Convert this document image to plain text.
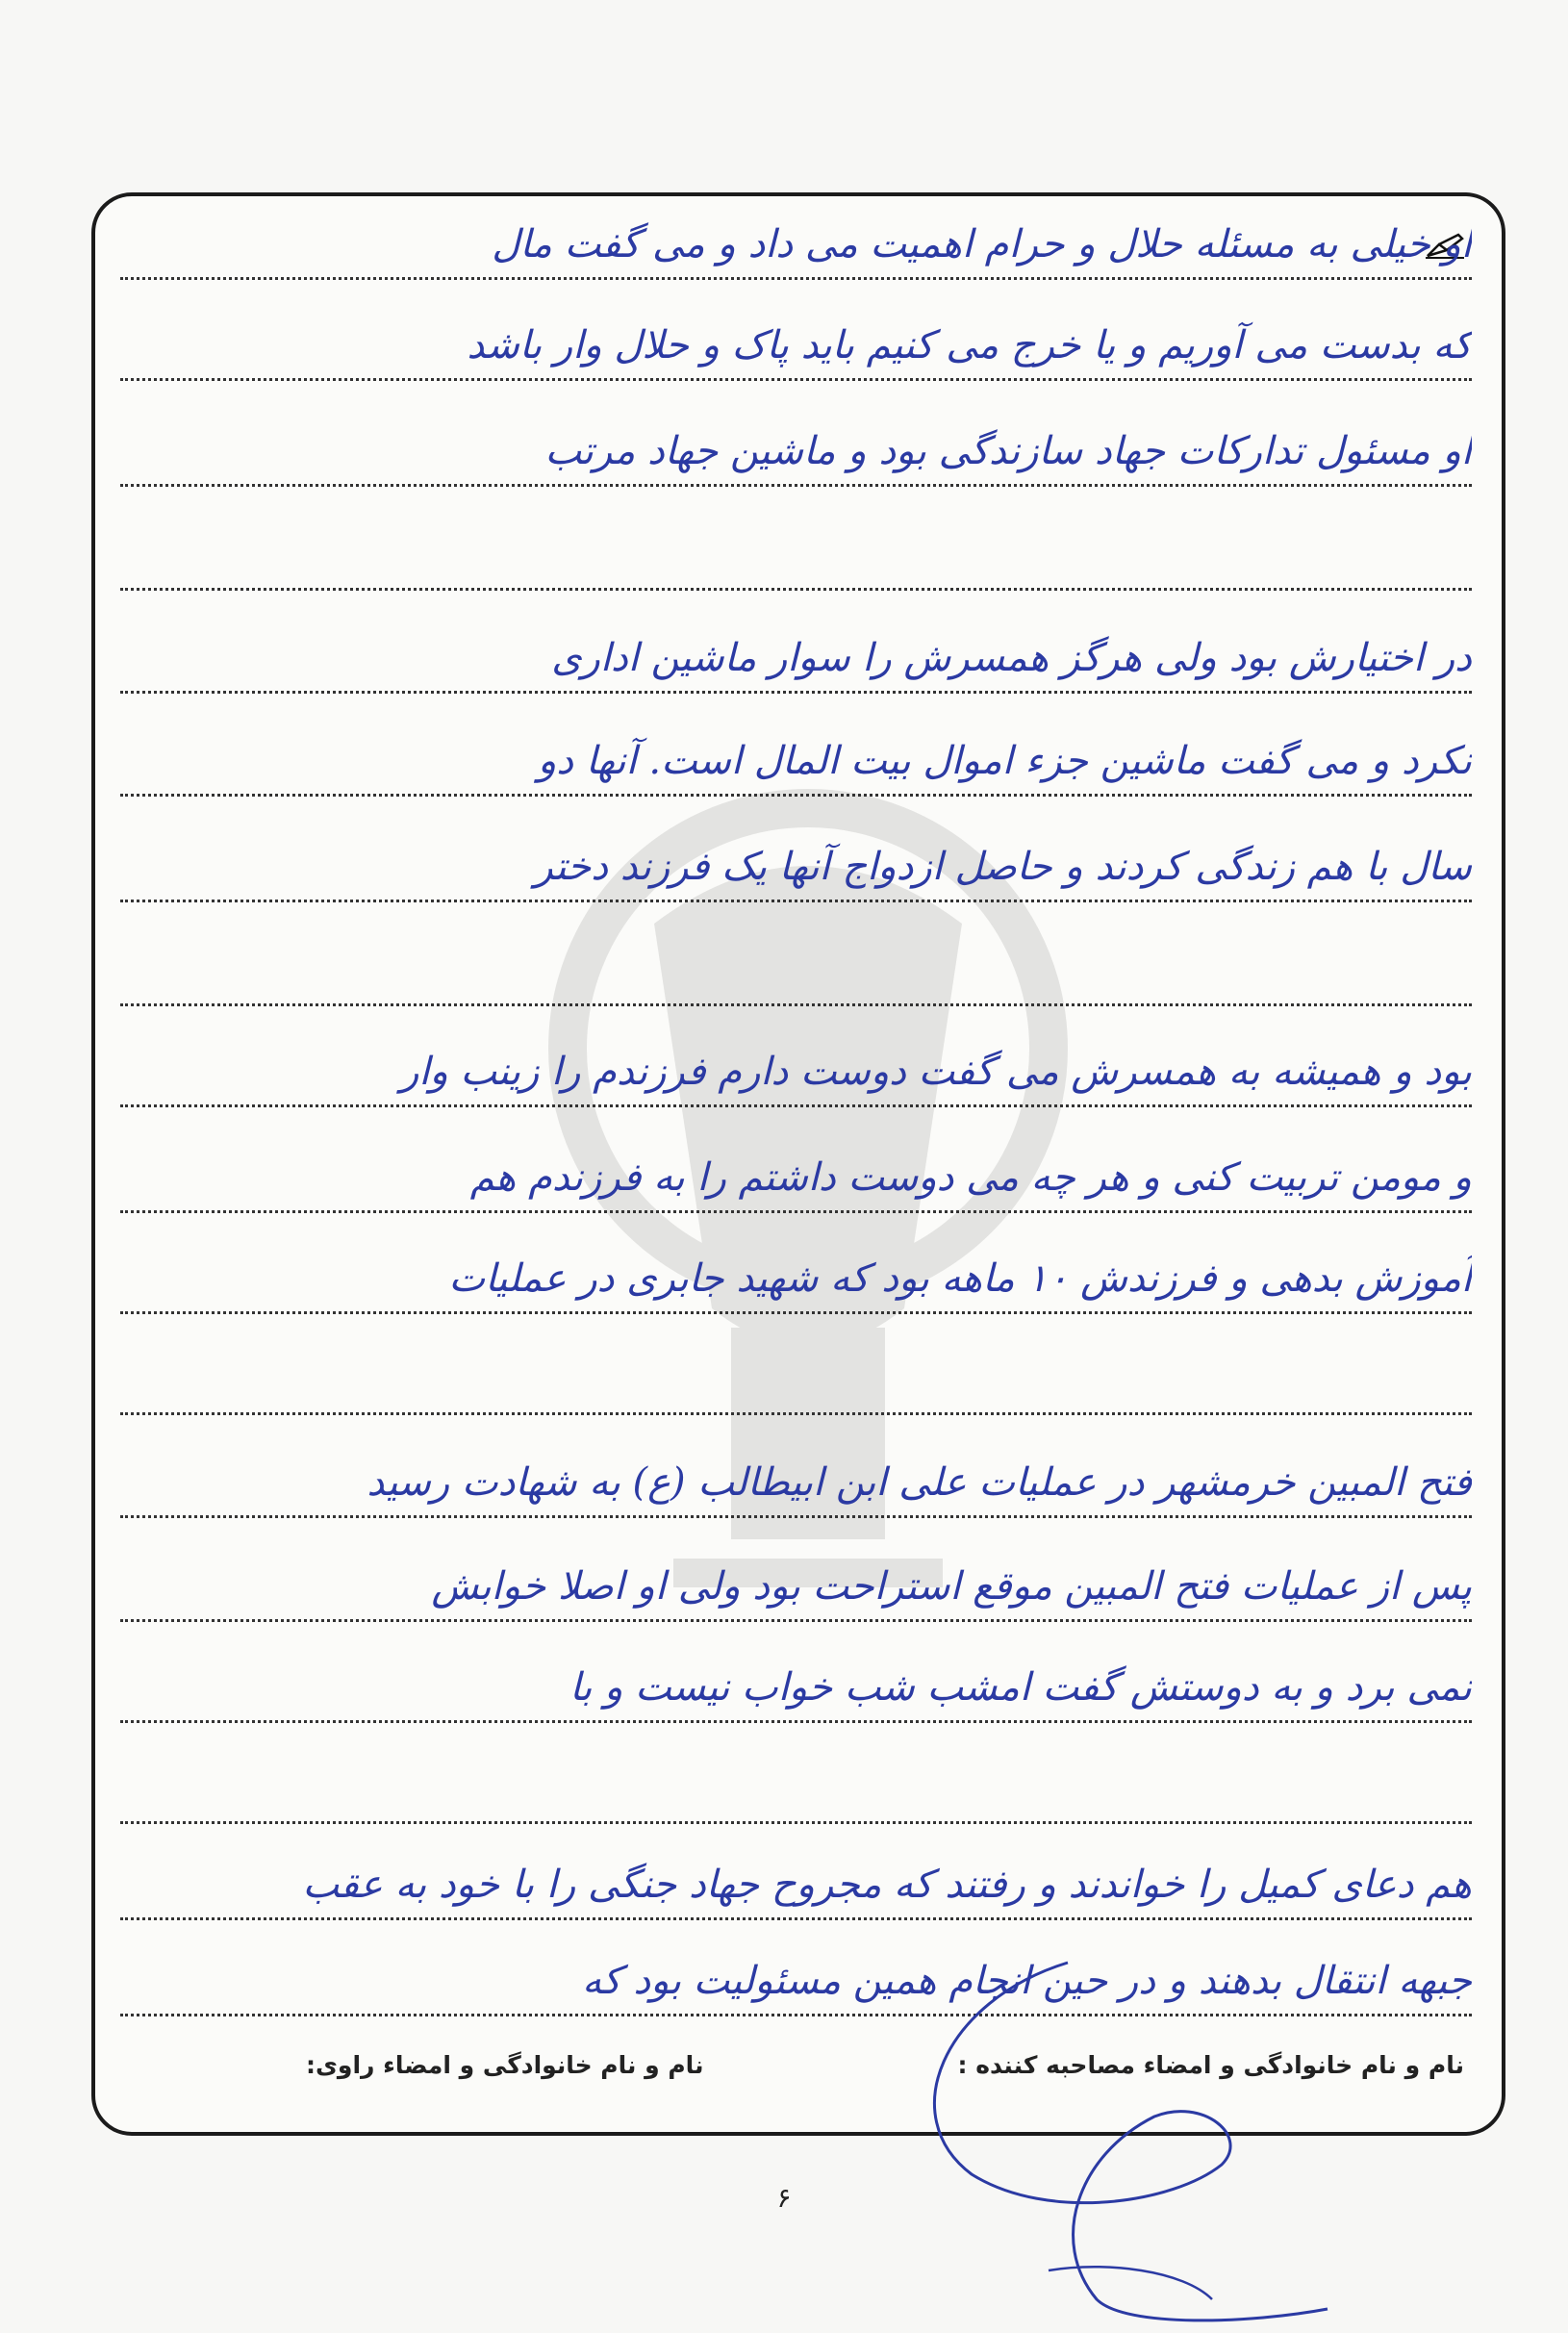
او خیلی به مسئله حلال و حرام اهمیت می داد و می گفت مال
که بدست می آوریم و یا خرج می کنیم باید پاک و حلال وار باشد
او مسئول تدارکات جهاد سازندگی بود و ماشین جهاد مرتب
در اختیارش بود ولی هرگز همسرش را سوار ماشین اداری
نکرد و می گفت ماشین جزء اموال بیت المال است. آنها دو
سال با هم زندگی کردند و حاصل ازدواج آنها یک فرزند دختر
بود و همیشه به همسرش می گفت دوست دارم فرزندم را زینب وار
و مومن تربیت کنی و هر چه می دوست داشتم را به فرزندم هم
آموزش بدهی و فرزندش ۱۰ ماهه بود که شهید جابری در عملیات
فتح المبین خرمشهر در عملیات علی ابن ابیطالب (ع) به شهادت رسید
پس از عملیات فتح المبین موقع استراحت بود ولی او اصلا خوابش
نمی برد و به دوستش گفت امشب شب خواب نیست و با
هم دعای کمیل را خواندند و رفتند که مجروح جهاد جنگی را با خود به عقب
جبهه انتقال بدهند و در حین انجام همین مسئولیت بود که
نام و نام خانوادگی و امضاء مصاحبه کننده :
نام و نام خانوادگی و امضاء راوی:
۶
